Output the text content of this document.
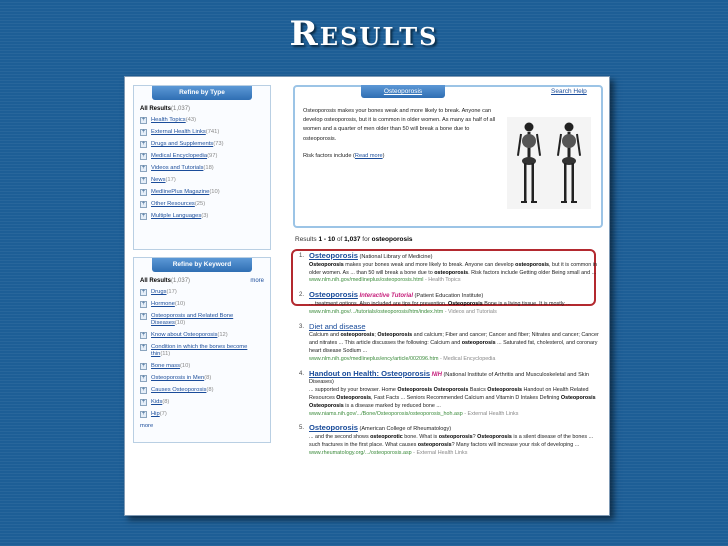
Results
Refine by Type
All Results(1,037)
+ Health Topics(43)
+ External Health Links(741)
+ Drugs and Supplements(73)
+ Medical Encyclopedia(97)
+ Videos and Tutorials(18)
+ News(17)
+ MedlinePlus Magazine(10)
+ Other Resources(25)
+ Multiple Languages(3)
Refine by Keyword
All Results(1,037)	more
+ Drugs(17)
+ Hormone(10)
+ Osteoporosis and Related Bone Diseases(10)
+ Know about Osteoporosis(12)
+ Condition in which the bones become thin(11)
+ Bone mass(10)
+ Osteoporosis in Men(8)
+ Causes Osteoporosis(8)
+ Kids(8)
+ Hip(7)
more
Osteoporosis	Search Help

Osteoporosis makes your bones weak and more likely to break. Anyone can develop osteoporosis, but it is common in older women. As many as half of all women and a quarter of men older than 50 will break a bone due to osteoporosis.

Risk factors include (Read more)

Results 1 - 10 of 1,037 for osteoporosis
1. Osteoporosis (National Library of Medicine)
Osteoporosis makes your bones weak and more likely to break. Anyone can develop osteoporosis, but it is common in older women. As ... than 50 will break a bone due to osteoporosis. Risk factors include Getting older Being small and ...
www.nlm.nih.gov/medlineplus/osteoporosis.html - Health Topics
2. Osteoporosis Interactive Tutorial (Patient Education Institute)
... treatment options. Also included are tips for prevention. Osteoporosis Bone is a living tissue. It is mostly ...
www.nlm.nih.gov/.../tutorials/osteoporosis/htm/index.htm - Videos and Tutorials
3. Diet and disease
Calcium and osteoporosis; Osteoporosis and calcium; Fiber and cancer; Cancer and fiber; Nitrates and cancer; Cancer and nitrates ... This article discusses the following: Calcium and osteoporosis ... Saturated fat, cholesterol, and coronary heart disease Sodium ...
www.nlm.nih.gov/medlineplus/ency/article/002096.htm - Medical Encyclopedia
4. Handout on Health: Osteoporosis NIH (National Institute of Arthritis and Musculoskeletal and Skin Diseases)
... supported by your browser. Home Osteoporosis Osteoporosis Basics Osteoporosis Handout on Health Related Resources Osteoporosis, Fast Facts ... Seniors Recommended Calcium and Vitamin D Intakes Defining Osteoporosis Osteoporosis is a disease marked by reduced bone ...
www.niams.nih.gov/.../Bone/Osteoporosis/osteoporosis_hoh.asp - External Health Links
5. Osteoporosis (American College of Rheumatology)
... and the second shows osteoporotic bone. What is osteoporosis? Osteoporosis is a silent disease of the bones ... such fractures in the first place. What causes osteoporosis? Many factors will increase your risk of developing ...
www.rheumatology.org/.../osteoporosis.asp - External Health Links
